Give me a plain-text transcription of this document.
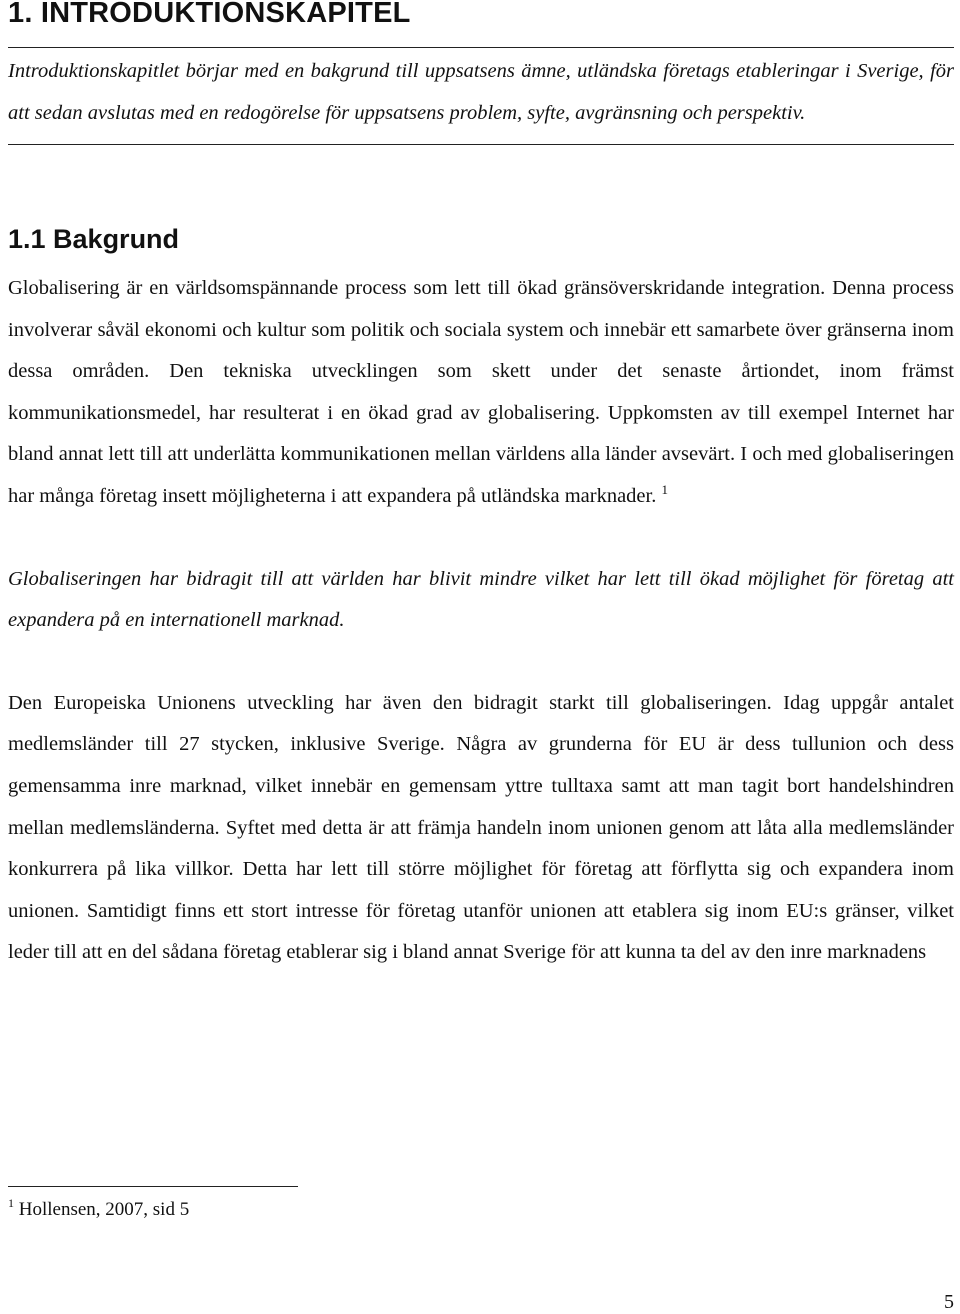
1. INTRODUKTIONSKAPITEL

Introduktionskapitlet börjar med en bakgrund till uppsatsens ämne, utländska företags etableringar i Sverige, för att sedan avslutas med en redogörelse för uppsatsens problem, syfte, avgränsning och perspektiv.

1.1 Bakgrund

Globalisering är en världsomspännande process som lett till ökad gränsöverskridande integration. Denna process involverar såväl ekonomi och kultur som politik och sociala system och innebär ett samarbete över gränserna inom dessa områden. Den tekniska utvecklingen som skett under det senaste årtiondet, inom främst kommunikationsmedel, har resulterat i en ökad grad av globalisering. Uppkomsten av till exempel Internet har bland annat lett till att underlätta kommunikationen mellan världens alla länder avsevärt. I och med globaliseringen har många företag insett möjligheterna i att expandera på utländska marknader. $^1$

Globaliseringen har bidragit till att världen har blivit mindre vilket har lett till ökad möjlighet för företag att expandera på en internationell marknad.

Den Europeiska Unionens utveckling har även den bidragit starkt till globaliseringen. Idag uppgår antalet medlemsländer till 27 stycken, inklusive Sverige. Några av grunderna för EU är dess tullunion och dess gemensamma inre marknad, vilket innebär en gemensam yttre tulltaxa samt att man tagit bort handelshindren mellan medlemsländerna. Syftet med detta är att främja handeln inom unionen genom att låta alla medlemsländer konkurrera på lika villkor. Detta har lett till större möjlighet för företag att förflytta sig och expandera inom unionen. Samtidigt finns ett stort intresse för företag utanför unionen att etablera sig inom EU:s gränser, vilket leder till att en del sådana företag etablerar sig i bland annat Sverige för att kunna ta del av den inre marknadens

$^1$ Hollensen, 2007, sid 5
5
